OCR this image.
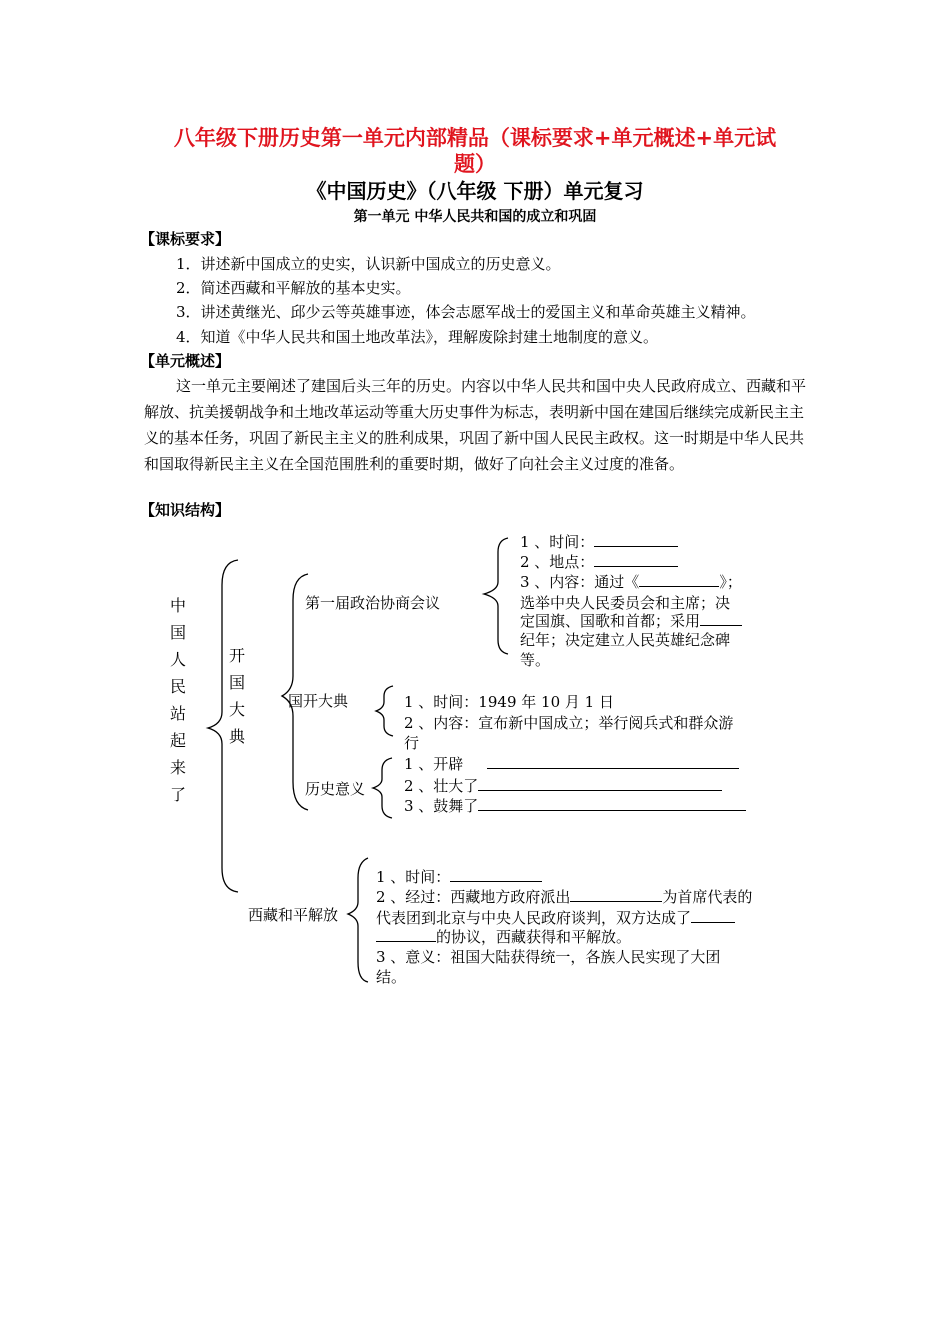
八年级下册历史第一单元内部精品（课标要求+单元概述+单元试
题）
《中国历史》（八年级 下册）单元复习
第一单元 中华人民共和国的成立和巩固
【课标要求】
1．讲述新中国成立的史实，认识新中国成立的历史意义。
2．简述西藏和平解放的基本史实。
3．讲述黄继光、邱少云等英雄事迹，体会志愿军战士的爱国主义和革命英雄主义精神。
4．知道《中华人民共和国土地改革法》，理解废除封建土地制度的意义。
【单元概述】
这一单元主要阐述了建国后头三年的历史。内容以中华人民共和国中央人民政府成立、西藏和平解放、抗美援朝战争和土地改革运动等重大历史事件为标志，表明新中国在建国后继续完成新民主主义的基本任务，巩固了新民主主义的胜利成果，巩固了新中国人民民主政权。这一时期是中华人民共和国取得新民主主义在全国范围胜利的重要时期，做好了向社会主义过度的准备。
【知识结构】
中国人民站起来了
开国大典
第一届政治协商会议
1 、时间：
2 、地点：
3 、内容：通过《	》；
选举中央人民委员会和主席；决
定国旗、国歌和首都；采用
纪年；决定建立人民英雄纪念碑
等。
国开大典	1 、时间：1949 年 10 月 1 日
2 、内容：宣布新中国成立；举行阅兵式和群众游
行
历史意义
1 、开辟
2 、壮大了
3 、鼓舞了
西藏和平解放
1 、时间：
2 、经过：西藏地方政府派出	为首席代表的
代表团到北京与中央人民政府谈判，双方达成了
的协议，西藏获得和平解放。
3 、意义：祖国大陆获得统一，各族人民实现了大团
结。
